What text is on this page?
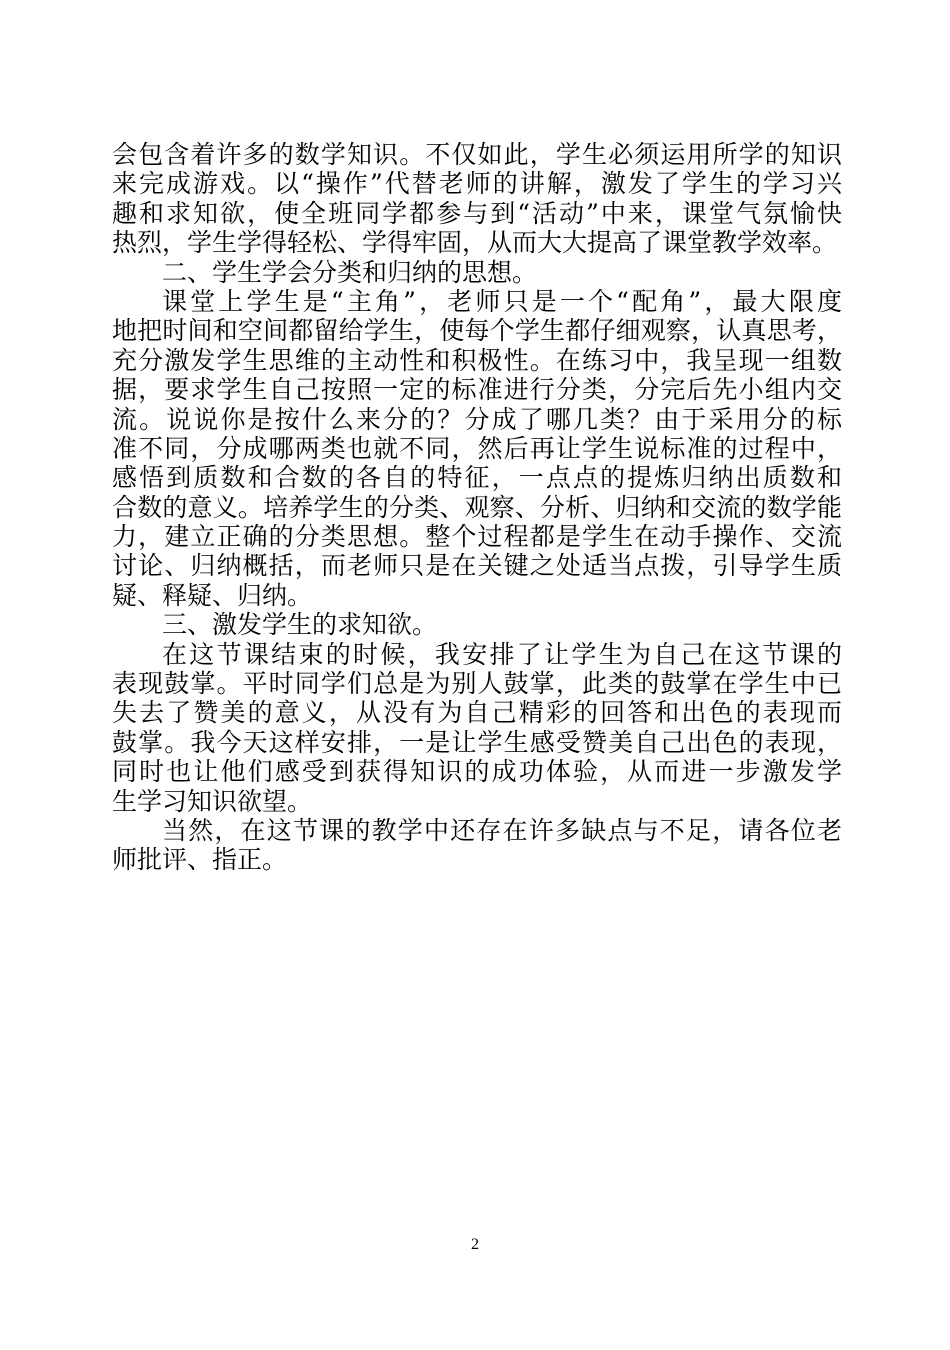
会包含着许多的数学知识。不仅如此，学生必须运用所学的知识
来完成游戏。以“操作”代替老师的讲解，激发了学生的学习兴
趣和求知欲，使全班同学都参与到“活动”中来，课堂气氛愉快
热烈，学生学得轻松、学得牢固，从而大大提高了课堂教学效率。
二、学生学会分类和归纳的思想。
课堂上学生是“主角”，老师只是一个“配角”，最大限度
地把时间和空间都留给学生，使每个学生都仔细观察，认真思考，
充分激发学生思维的主动性和积极性。在练习中，我呈现一组数
据，要求学生自己按照一定的标准进行分类，分完后先小组内交
流。说说你是按什么来分的？分成了哪几类？由于采用分的标
准不同，分成哪两类也就不同，然后再让学生说标准的过程中，
感悟到质数和合数的各自的特征，一点点的提炼归纳出质数和
合数的意义。培养学生的分类、观察、分析、归纳和交流的数学能
力，建立正确的分类思想。整个过程都是学生在动手操作、交流
讨论、归纳概括，而老师只是在关键之处适当点拨，引导学生质
疑、释疑、归纳。
三、激发学生的求知欲。
在这节课结束的时候，我安排了让学生为自己在这节课的
表现鼓掌。平时同学们总是为别人鼓掌，此类的鼓掌在学生中已
失去了赞美的意义，从没有为自己精彩的回答和出色的表现而
鼓掌。我今天这样安排，一是让学生感受赞美自己出色的表现，
同时也让他们感受到获得知识的成功体验，从而进一步激发学
生学习知识欲望。
当然，在这节课的教学中还存在许多缺点与不足，请各位老
师批评、指正。
2
